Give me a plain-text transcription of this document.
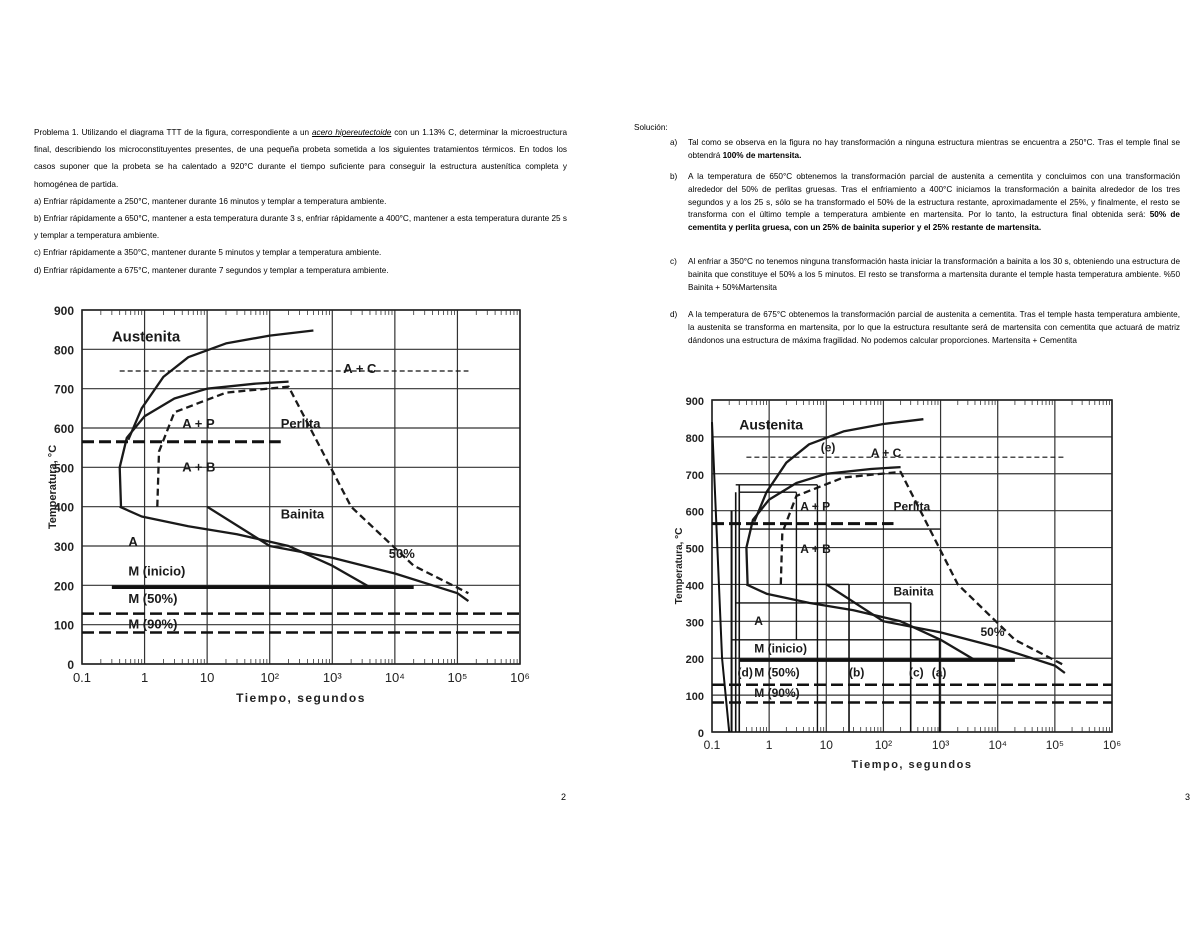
Problema 1. Utilizando el diagrama TTT de la figura, correspondiente a un acero hipereutectoide con un 1.13% C, determinar la microestructura final, describiendo los microconstituyentes presentes, de una pequeña probeta sometida a los siguientes tratamientos térmicos. En todos los casos suponer que la probeta se ha calentado a 920°C durante el tiempo suficiente para conseguir la estructura austenítica completa y homogénea de partida.

a) Enfriar rápidamente a 250°C, mantener durante 16 minutos y templar a temperatura ambiente.

b) Enfriar rápidamente a 650°C, mantener a esta temperatura durante 3 s, enfriar rápidamente a 400°C, mantener a esta temperatura durante 25 s y templar a temperatura ambiente.

c) Enfriar rápidamente a 350°C, mantener durante 5 minutos y templar a temperatura ambiente.

d) Enfriar rápidamente a 675°C, mantener durante 7 segundos y templar a temperatura ambiente.

0
100
200
300
400
500
600
700
800
900
0.1	1	10	10²	10³	10⁴	10⁵	10⁶
Tiempo, segundos
Temperatura, °C
Austenita
A + C
A + P	Perlita
A + B
Bainita
50%
A
M (inicio)
M (50%)
M (90%)
2
Solución:
a) Tal como se observa en la figura no hay transformación a ninguna estructura mientras se encuentra a 250°C. Tras el temple final se obtendrá 100% de martensita.
b) A la temperatura de 650°C obtenemos la transformación parcial de austenita a cementita y concluimos con una transformación alrededor del 50% de perlitas gruesas. Tras el enfriamiento a 400°C iniciamos la transformación a bainita alrededor de los tres segundos y a los 25 s, sólo se ha transformado el 50% de la estructura restante, aproximadamente el 25%, y finalmente, el resto se transforma con el último temple a temperatura ambiente en martensita. Por lo tanto, la estructura final obtenida será: 50% de cementita y perlita gruesa, con un 25% de bainita superior y el 25% restante de martensita.
c) Al enfriar a 350°C no tenemos ninguna transformación hasta iniciar la transformación a bainita a los 30 s, obteniendo una estructura de bainita que constituye el 50% a los 5 minutos. El resto se transforma a martensita durante el temple hasta temperatura ambiente. %50 Bainita + 50%Martensita
d) A la temperatura de 675°C obtenemos la transformación parcial de austenita a cementita. Tras el temple hasta temperatura ambiente, la austenita se transforma en martensita, por lo que la estructura resultante será de martensita con cementita que actuará de matriz dándonos una estructura de máxima fragilidad. No podemos calcular proporciones. Martensita + Cementita
0
100
200
300
400
500
600
700
800
900
0.1	1	10	10²	10³	10⁴	10⁵	10⁶
Tiempo, segundos
Temperatura, °C
Austenita
(e)	A + C
A + P	Perlita
A + B
Bainita
50%
A
M (inicio)
(d) M (50%)	(b)	(c) (a)
M (90%)
3
